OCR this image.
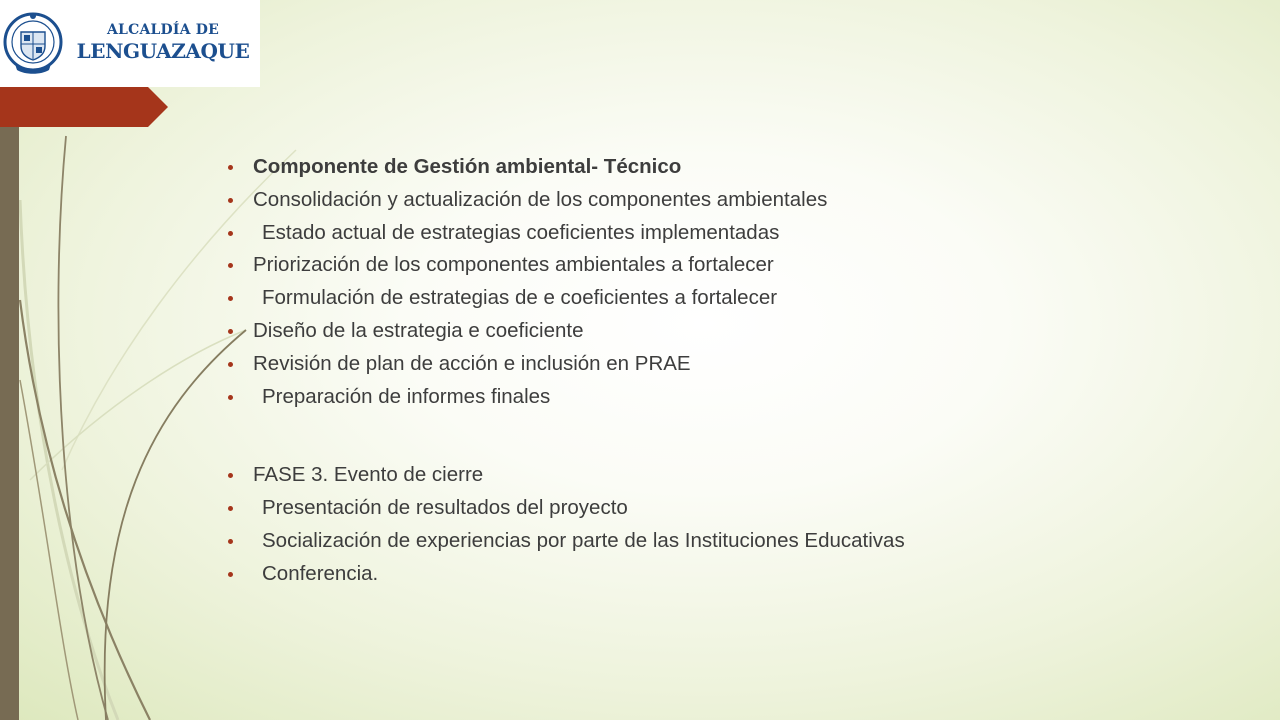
ALCALDÍA DE
LENGUAZAQUE
Componente de Gestión ambiental- Técnico
Consolidación y actualización de los componentes ambientales
Estado actual de estrategias coeficientes implementadas
Priorización de los componentes ambientales a fortalecer
Formulación de estrategias de e coeficientes a fortalecer
Diseño de la estrategia e coeficiente
Revisión de plan de acción e inclusión en PRAE
Preparación de informes finales
FASE 3. Evento de cierre
Presentación de resultados del proyecto
Socialización de experiencias por parte de las Instituciones Educativas
Conferencia.
